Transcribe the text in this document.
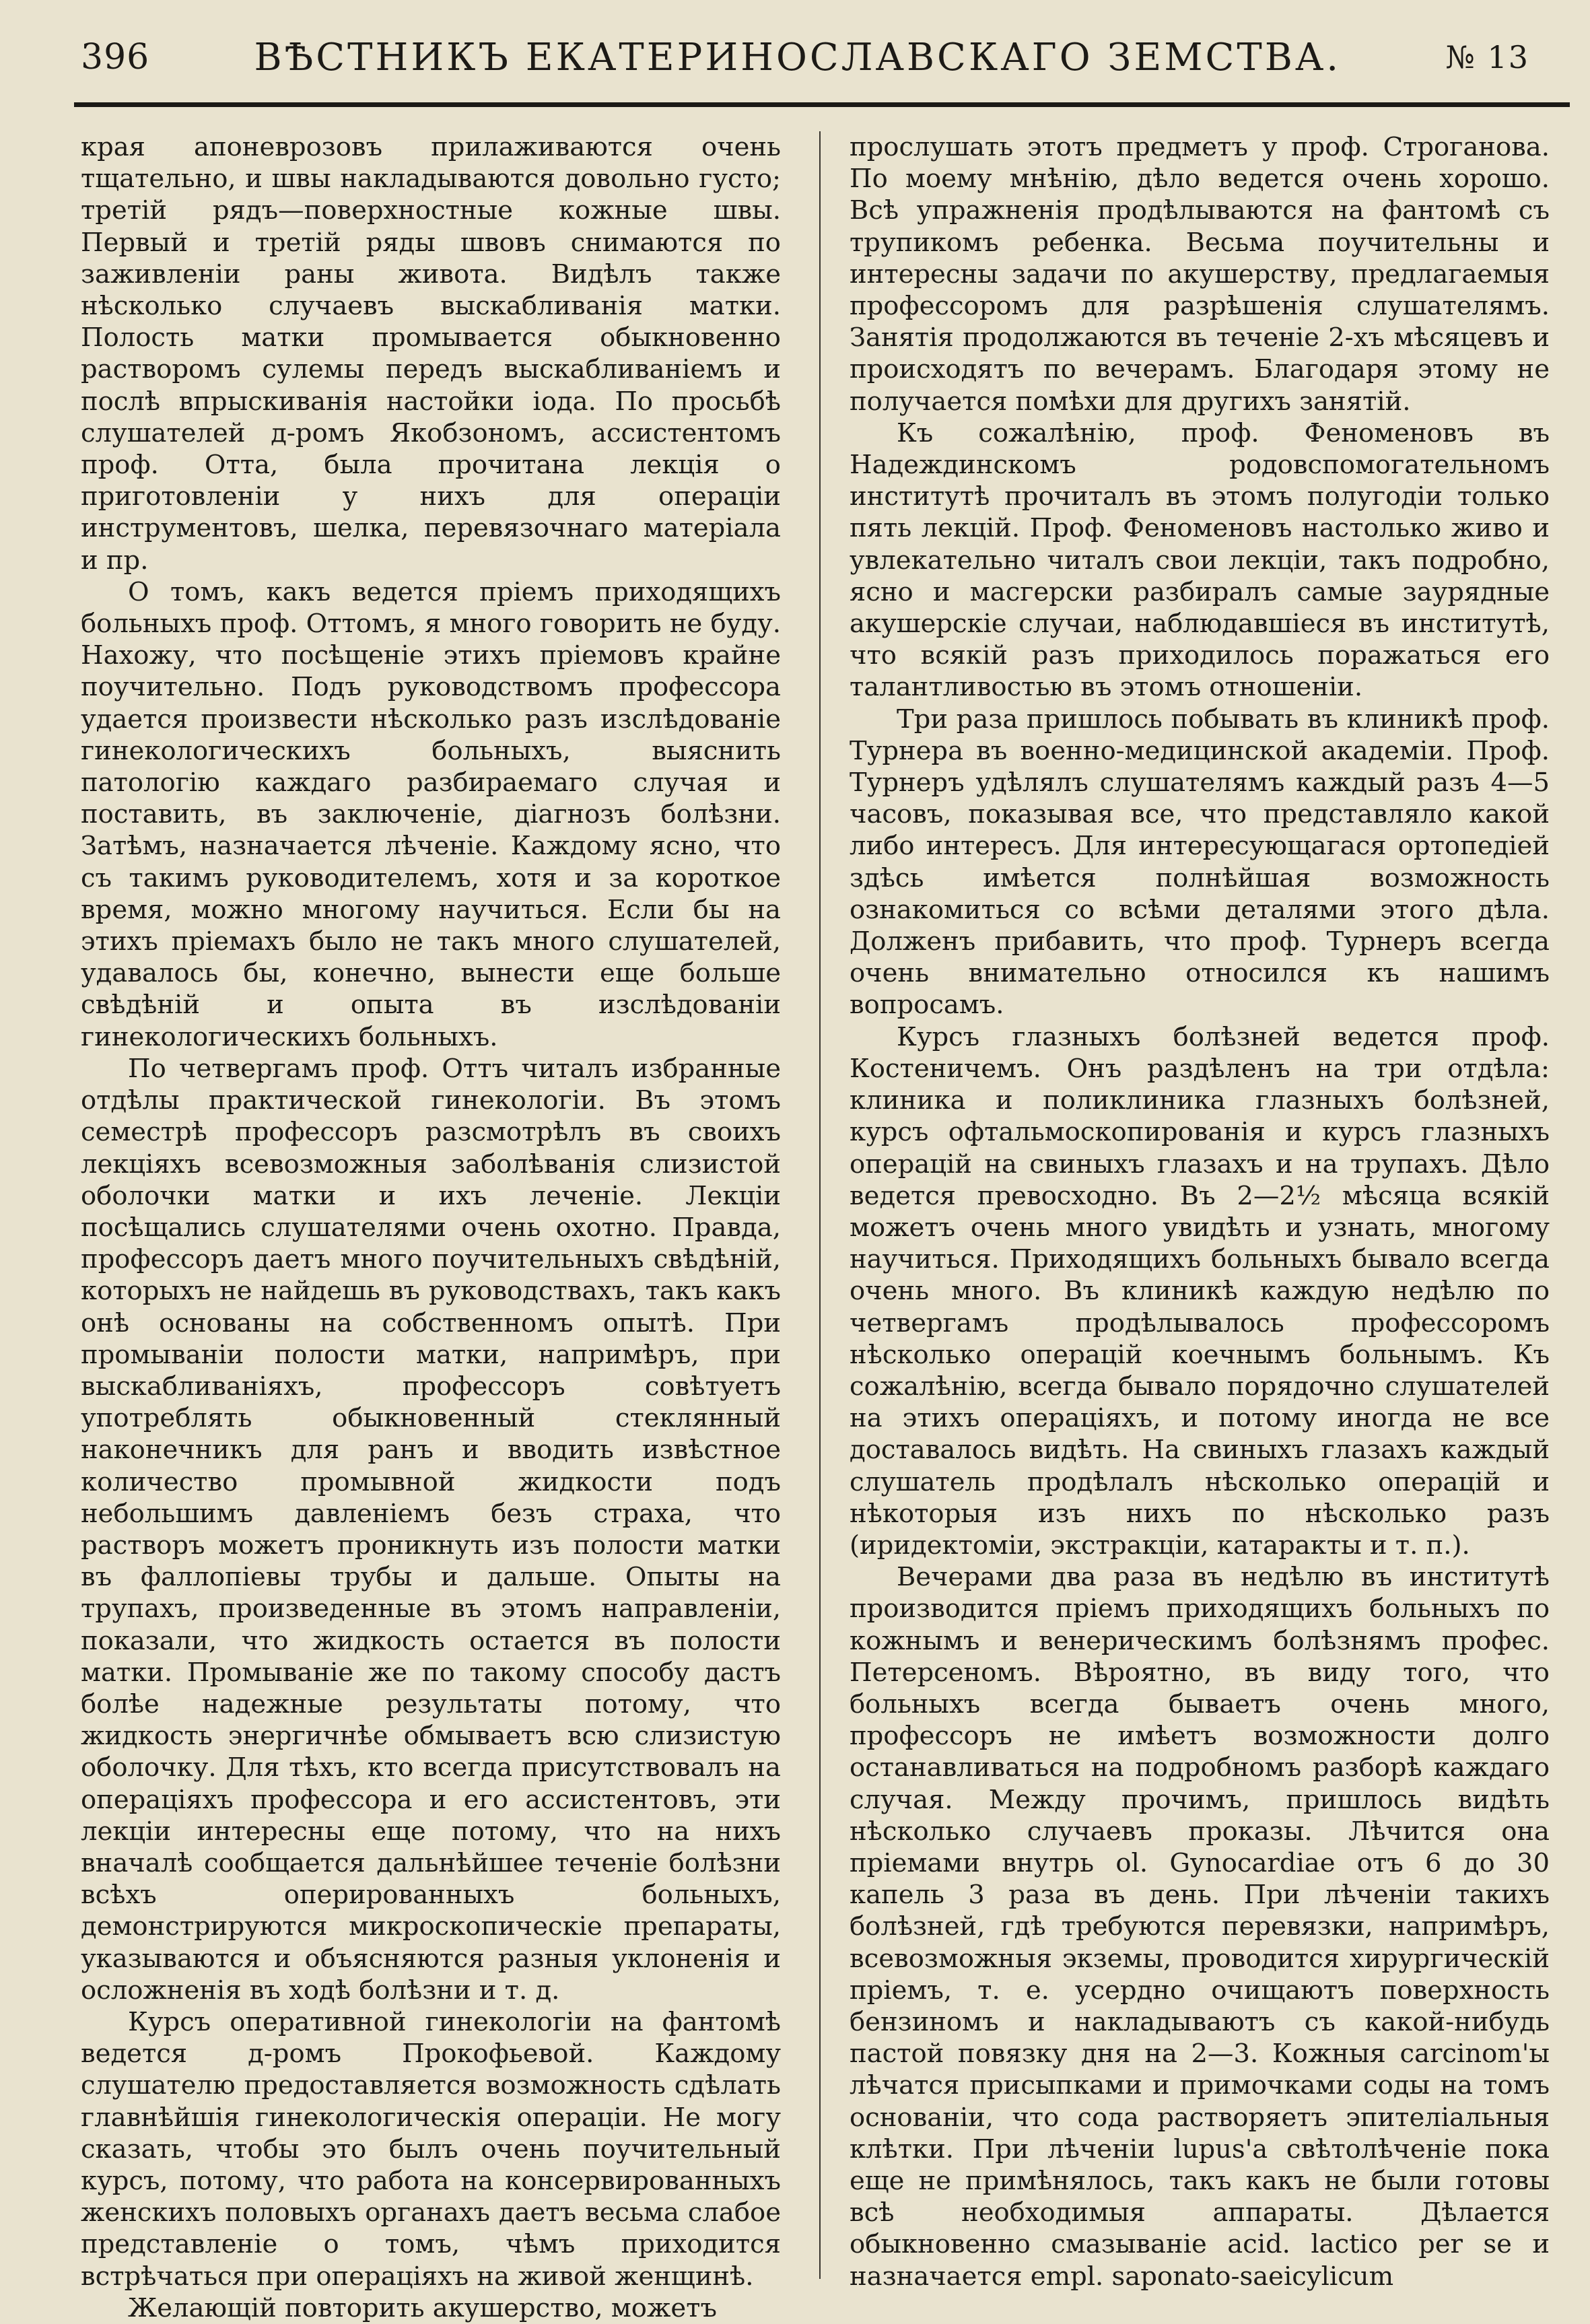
396	ВѢСТНИКЪ ЕКАТЕРИНОСЛАВСКАГО ЗЕМСТВА.	№ 13

края апоневрозовъ прилаживаются очень тщательно, и швы накладываются довольно густо; третій рядъ—поверхностные кожные швы. Первый и третій ряды швовъ снимаются по заживленіи раны живота. Видѣлъ также нѣсколько случаевъ выскабливанія матки. Полость матки промывается обыкновенно растворомъ сулемы передъ выскабливаніемъ и послѣ впрыскиванія настойки іода. По просьбѣ слушателей д-ромъ Якобзономъ, ассистентомъ проф. Отта, была прочитана лекція о приготовленіи у нихъ для операціи инструментовъ, шелка, перевязочнаго матеріала и пр.

О томъ, какъ ведется пріемъ приходящихъ больныхъ проф. Оттомъ, я много говорить не буду. Нахожу, что посѣщеніе этихъ пріемовъ крайне поучительно. Подъ руководствомъ профессора удается произвести нѣсколько разъ изслѣдованіе гинекологическихъ больныхъ, выяснить патологію каждаго разбираемаго случая и поставить, въ заключеніе, діагнозъ болѣзни. Затѣмъ, назначается лѣченіе. Каждому ясно, что съ такимъ руководителемъ, хотя и за короткое время, можно многому научиться. Если бы на этихъ пріемахъ было не такъ много слушателей, удавалось бы, конечно, вынести еще больше свѣдѣній и опыта въ изслѣдованіи гинекологическихъ больныхъ.

По четвергамъ проф. Оттъ читалъ избранные отдѣлы практической гинекологіи. Въ этомъ семестрѣ профессоръ разсмотрѣлъ въ своихъ лекціяхъ всевозможныя заболѣванія слизистой оболочки матки и ихъ леченіе. Лекціи посѣщались слушателями очень охотно. Правда, профессоръ даетъ много поучительныхъ свѣдѣній, которыхъ не найдешь въ руководствахъ, такъ какъ онѣ основаны на собственномъ опытѣ. При промываніи полости матки, напримѣръ, при выскабливаніяхъ, профессоръ совѣтуетъ употреблять обыкновенный стеклянный наконечникъ для ранъ и вводить извѣстное количество промывной жидкости подъ небольшимъ давленіемъ безъ страха, что растворъ можетъ проникнуть изъ полости матки въ фаллопіевы трубы и дальше. Опыты на трупахъ, произведенные въ этомъ направленіи, показали, что жидкость остается въ полости матки. Промываніе же по такому способу дастъ болѣе надежные результаты потому, что жидкость энергичнѣе обмываетъ всю слизистую оболочку. Для тѣхъ, кто всегда присутствовалъ на операціяхъ профессора и его ассистентовъ, эти лекціи интересны еще потому, что на нихъ вначалѣ сообщается дальнѣйшее теченіе болѣзни всѣхъ оперированныхъ больныхъ, демонстрируются микроскопическіе препараты, указываются и объясняются разныя уклоненія и осложненія въ ходѣ болѣзни и т. д.

Курсъ оперативной гинекологіи на фантомѣ ведется д-ромъ Прокофьевой. Каждому слушателю предоставляется возможность сдѣлать главнѣйшія гинекологическія операціи. Не могу сказать, чтобы это былъ очень поучительный курсъ, потому, что работа на консервированныхъ женскихъ половыхъ органахъ даетъ весьма слабое представленіе о томъ, чѣмъ приходится встрѣчаться при операціяхъ на живой женщинѣ.

Желающій повторить акушерство, можетъ

прослушать этотъ предметъ у проф. Строганова. По моему мнѣнію, дѣло ведется очень хорошо. Всѣ упражненія продѣлываются на фантомѣ съ трупикомъ ребенка. Весьма поучительны и интересны задачи по акушерству, предлагаемыя профессоромъ для разрѣшенія слушателямъ. Занятія продолжаются въ теченіе 2-хъ мѣсяцевъ и происходятъ по вечерамъ. Благодаря этому не получается помѣхи для другихъ занятій.

Къ сожалѣнію, проф. Феноменовъ въ Надеждинскомъ родовспомогательномъ институтѣ прочиталъ въ этомъ полугодіи только пять лекцій. Проф. Феноменовъ настолько живо и увлекательно читалъ свои лекціи, такъ подробно, ясно и масгерски разбиралъ самые заурядные акушерскіе случаи, наблюдавшіеся въ институтѣ, что всякій разъ приходилось поражаться его талантливостью въ этомъ отношеніи.

Три раза пришлось побывать въ клиникѣ проф. Турнера въ военно-медицинской академіи. Проф. Турнеръ удѣлялъ слушателямъ каждый разъ 4—5 часовъ, показывая все, что представляло какой либо интересъ. Для интересующагася ортопедіей здѣсь имѣется полнѣйшая возможность ознакомиться со всѣми деталями этого дѣла. Долженъ прибавить, что проф. Турнеръ всегда очень внимательно относился къ нашимъ вопросамъ.

Курсъ глазныхъ болѣзней ведется проф. Костеничемъ. Онъ раздѣленъ на три отдѣла: клиника и поликлиника глазныхъ болѣзней, курсъ офтальмоскопированія и курсъ глазныхъ операцій на свиныхъ глазахъ и на трупахъ. Дѣло ведется превосходно. Въ 2—2½ мѣсяца всякій можетъ очень много увидѣть и узнать, многому научиться. Приходящихъ больныхъ бывало всегда очень много. Въ клиникѣ каждую недѣлю по четвергамъ продѣлывалось профессоромъ нѣсколько операцій коечнымъ больнымъ. Къ сожалѣнію, всегда бывало порядочно слушателей на этихъ операціяхъ, и потому иногда не все доставалось видѣть. На свиныхъ глазахъ каждый слушатель продѣлалъ нѣсколько операцій и нѣкоторыя изъ нихъ по нѣсколько разъ (иридектоміи, экстракціи, катаракты и т. п.).

Вечерами два раза въ недѣлю въ институтѣ производится пріемъ приходящихъ больныхъ по кожнымъ и венерическимъ болѣзнямъ профес. Петерсеномъ. Вѣроятно, въ виду того, что больныхъ всегда бываетъ очень много, профессоръ не имѣетъ возможности долго останавливаться на подробномъ разборѣ каждаго случая. Между прочимъ, пришлось видѣть нѣсколько случаевъ проказы. Лѣчится она пріемами внутрь ol. Gynocardiae отъ 6 до 30 капель 3 раза въ день. При лѣченіи такихъ болѣзней, гдѣ требуются перевязки, напримѣръ, всевозможныя экземы, проводится хирургическій пріемъ, т. е. усердно очищаютъ поверхность бензиномъ и накладываютъ съ какой-нибудь пастой повязку дня на 2—3. Кожныя carcinom'ы лѣчатся присыпками и примочками соды на томъ основаніи, что сода растворяетъ эпителіальныя клѣтки. При лѣченіи lupus'а свѣтолѣченіе пока еще не примѣнялось, такъ какъ не были готовы всѣ необходимыя аппараты. Дѣлается обыкновенно смазываніе acid. lactico per se и назначается empl. saponato-saeicylicum
